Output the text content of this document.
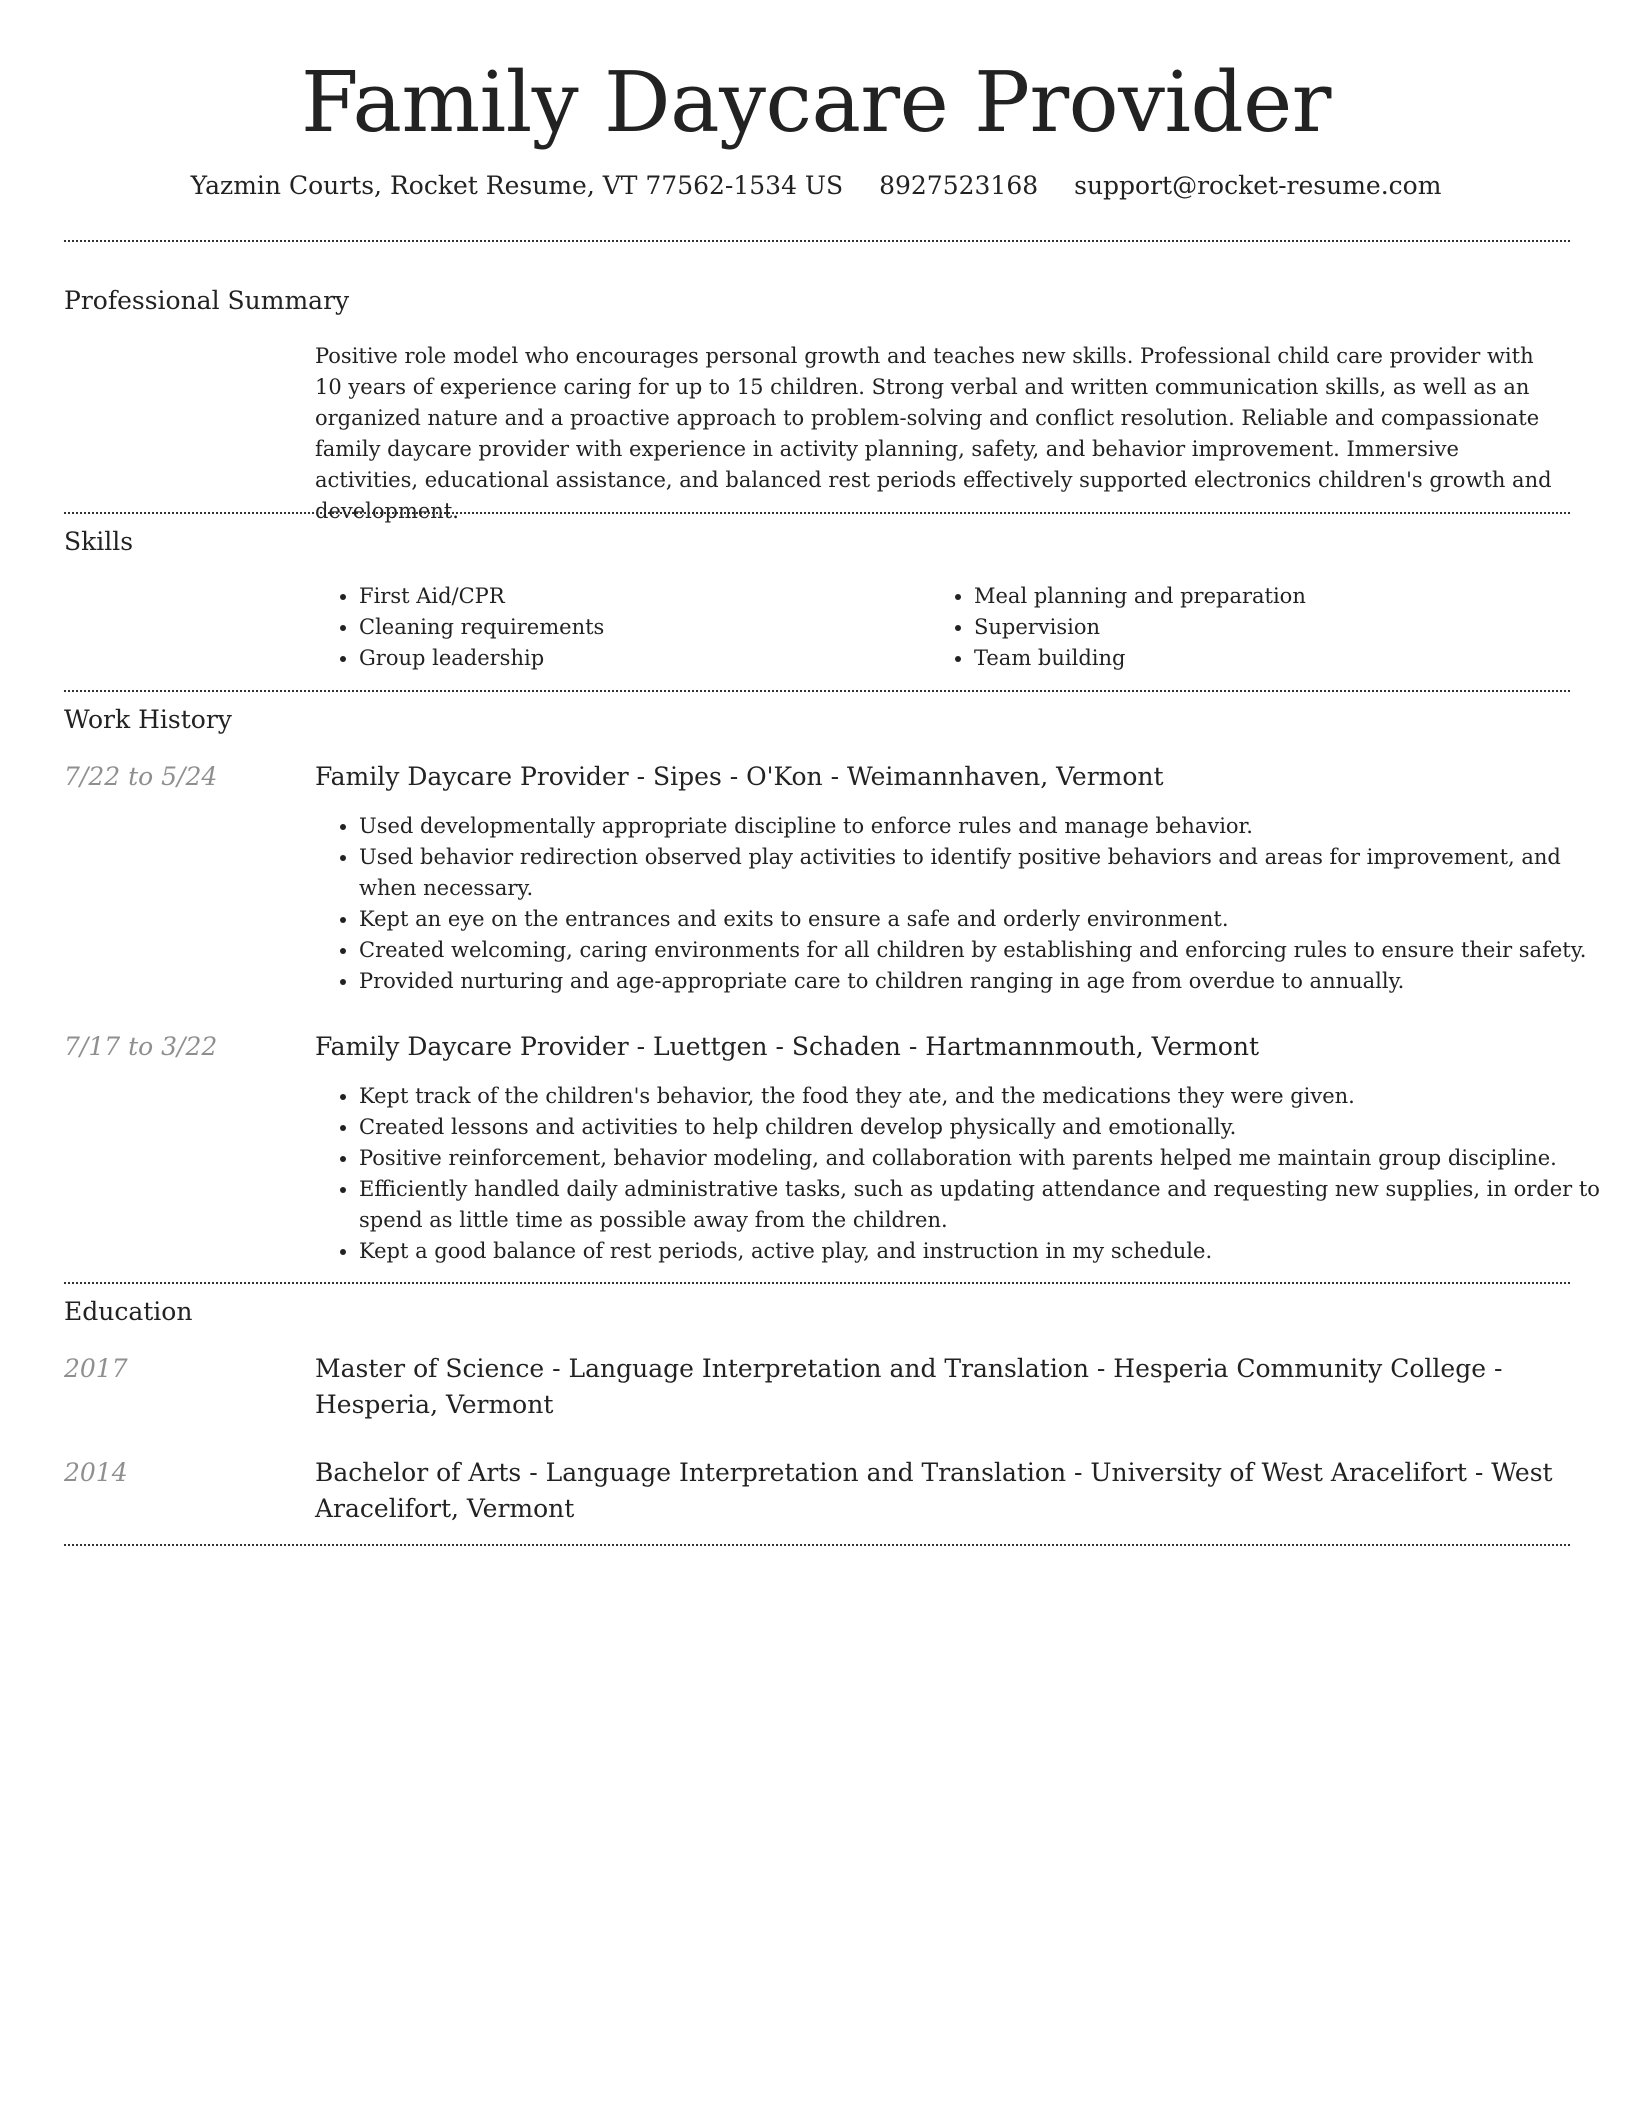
Family Daycare Provider
Yazmin Courts, Rocket Resume, VT 77562-1534 US 8927523168 support@rocket-resume.com
Professional Summary

Positive role model who encourages personal growth and teaches new skills. Professional child care provider with 10 years of experience caring for up to 15 children. Strong verbal and written communication skills, as well as an organized nature and a proactive approach to problem-solving and conflict resolution. Reliable and compassionate family daycare provider with experience in activity planning, safety, and behavior improvement. Immersive activities, educational assistance, and balanced rest periods effectively supported electronics children's growth and development.

Skills
• First Aid/CPR
• Cleaning requirements
• Group leadership
• Meal planning and preparation
• Supervision
• Team building
Work History
7/22 to 5/24	Family Daycare Provider - Sipes - O'Kon - Weimannhaven, Vermont
• Used developmentally appropriate discipline to enforce rules and manage behavior.
• Used behavior redirection observed play activities to identify positive behaviors and areas for improvement, and when necessary.
• Kept an eye on the entrances and exits to ensure a safe and orderly environment.
• Created welcoming, caring environments for all children by establishing and enforcing rules to ensure their safety.
• Provided nurturing and age-appropriate care to children ranging in age from overdue to annually.
7/17 to 3/22	Family Daycare Provider - Luettgen - Schaden - Hartmannmouth, Vermont
• Kept track of the children's behavior, the food they ate, and the medications they were given.
• Created lessons and activities to help children develop physically and emotionally.
• Positive reinforcement, behavior modeling, and collaboration with parents helped me maintain group discipline.
• Efficiently handled daily administrative tasks, such as updating attendance and requesting new supplies, in order to spend as little time as possible away from the children.
• Kept a good balance of rest periods, active play, and instruction in my schedule.
Education
2017	Master of Science - Language Interpretation and Translation - Hesperia Community College - Hesperia, Vermont
2014	Bachelor of Arts - Language Interpretation and Translation - University of West Aracelifort - West Aracelifort, Vermont
